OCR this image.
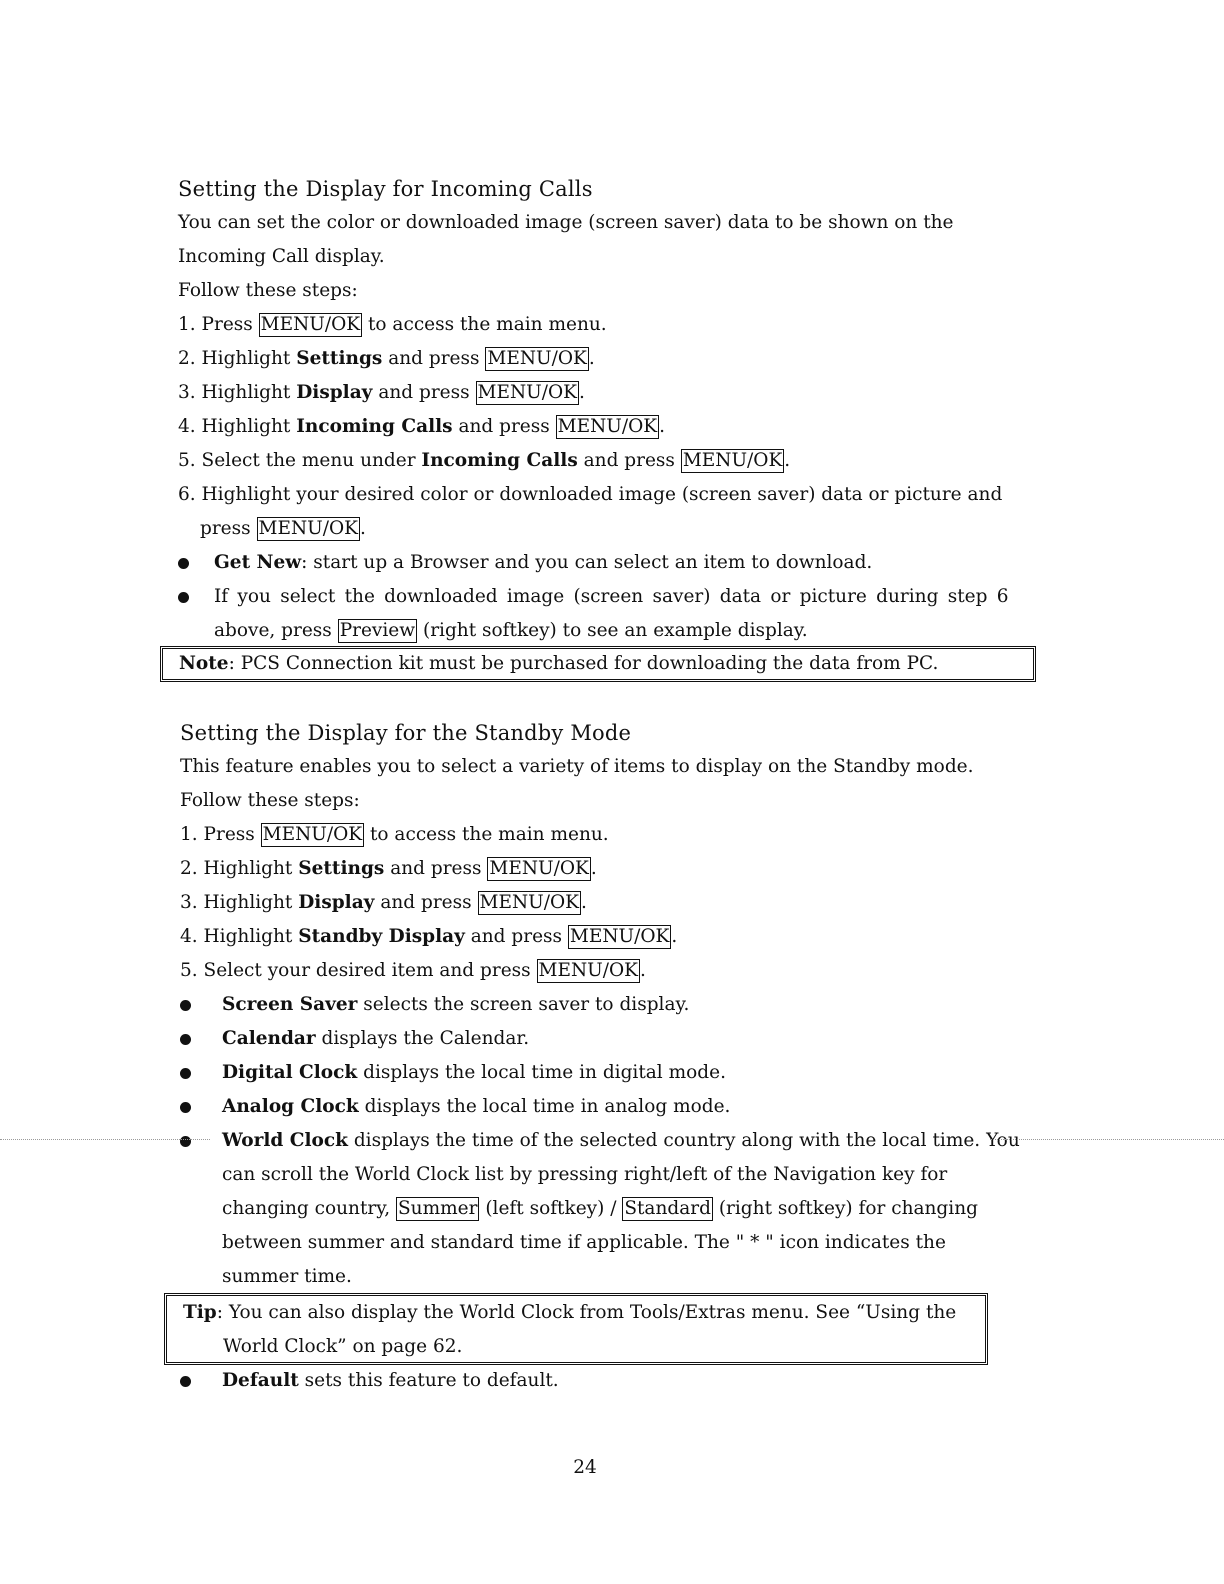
Setting the Display for Incoming Calls

You can set the color or downloaded image (screen saver) data to be shown on the

Incoming Call display.

Follow these steps:

1. Press MENU/OK to access the main menu.

2. Highlight Settings and press MENU/OK .

3. Highlight Display and press MENU/OK .

4. Highlight Incoming Calls and press MENU/OK .

5. Select the menu under Incoming Calls and press MENU/OK .

6. Highlight your desired color or downloaded image (screen saver) data or picture and

press MENU/OK .

Get New: start up a Browser and you can select an item to download.
If you select the downloaded image (screen saver) data or picture during step 6
above, press Preview (right softkey) to see an example display.
Note: PCS Connection kit must be purchased for downloading the data from PC.
Setting the Display for the Standby Mode

This feature enables you to select a variety of items to display on the Standby mode.

Follow these steps:

1. Press MENU/OK to access the main menu.

2. Highlight Settings and press MENU/OK .

3. Highlight Display and press MENU/OK .

4. Highlight Standby Display and press MENU/OK .

5. Select your desired item and press MENU/OK .

Screen Saver selects the screen saver to display.
Calendar displays the Calendar.
Digital Clock displays the local time in digital mode.
Analog Clock displays the local time in analog mode.
World Clock displays the time of the selected country along with the local time. You
can scroll the World Clock list by pressing right/left of the Navigation key for
changing country, Summer (left softkey) / Standard (right softkey) for changing
between summer and standard time if applicable. The " * " icon indicates the
summer time.
Tip: You can also display the World Clock from Tools/Extras menu. See “Using the
World Clock” on page 62.
Default sets this feature to default.
24
